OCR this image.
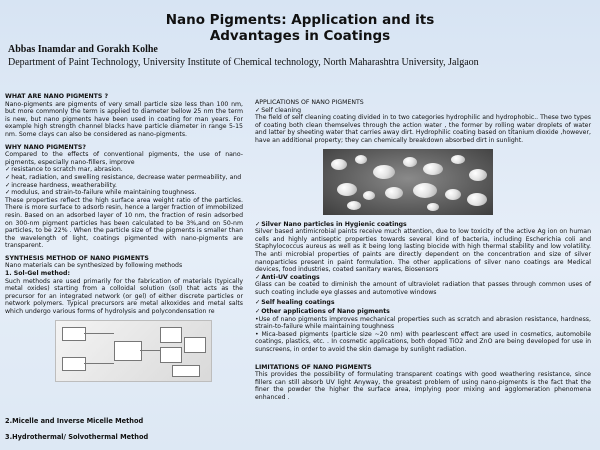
Nano Pigments: Application and its Advantages in Coatings
Abbas Inamdar and Gorakh Kolhe
Department of Paint Technology, University Institute of Chemical technology, North Maharashtra University, Jalgaon
WHAT ARE NANO PIGMENTS ?

Nano-pigments are pigments of very small particle size less than 100 nm, but more commonly the term is applied to diameter bellow 25 nm the term is new, but nano pigments have been used in coating for man years. For example high strength channel blacks have particle diameter in range 5-15 nm. Some clays can also be considered as nano-pigments.

WHY NANO PIGMENTS?

Compared to the effects of conventional pigments, the use of nano-pigments, especially nano-fillers, improve

✓ resistance to scratch mar, abrasion.
✓ heat, radiation, and swelling resistance, decrease water permeability, and
✓ increase hardness, weatherability.
✓ modulus, and strain-to-failure while maintaining toughness.

These properties reflect the high surface area weight ratio of the particles. There is more surface to adsorb resin, hence a larger fraction of immobilized resin. Based on an adsorbed layer of 10 nm, the fraction of resin adsorbed on 300-nm pigment particles has been calculated to be 3%,and on 50-nm particles, to be 22% . When the particle size of the pigments is smaller than the wavelength of light, coatings pigmented with nano-pigments are transparent.

SYNTHESIS METHOD OF NANO PIGMENTS

Nano materials can be synthesized by following methods

1. Sol-Gel method:

Such methods are used primarily for the fabrication of materials (typically metal oxides) starting from a colloidal solution (sol) that acts as the precursor for an integrated network (or gel) of either discrete particles or network polymers. Typical precursors are metal alkoxides and metal salts which undergo various forms of hydrolysis and polycondensation re

2.Micelle and Inverse Micelle Method
3.Hydrothermal/ Solvothermal Method
APPLICATIONS OF NANO PIGMENTS
✓ Self cleaning

The field of self cleaning coating divided in to two categories hydrophilic and hydrophobic.. These two types of coating both clean themselves through the action water , the former by rolling water droplets of water and latter by sheeting water that carries away dirt. Hydrophilic coating based on titanium dioxide ,however, have an additional property; they can chemically breakdown absorbed dirt in sunlight.

✓ Silver Nano particles in Hygienic coatings

Silver based antimicrobial paints receive much attention, due to low toxicity of the active Ag ion on human cells and highly antiseptic properties towards several kind of bacteria, including Escherichia coli and Staphylococcus aureus as well as it being long lasting biocide with high thermal stability and low volatility. The anti microbial properties of paints are directly dependent on the concentration and size of silver nanoparticles present in paint formulation. The other applications of silver nano coatings are Medical devices, food industries, coated sanitary wares, Biosensors

✓ Anti-UV coatings

Glass can be coated to diminish the amount of ultraviolet radiation that passes through common uses of such coating include eye glasses and automotive windows

✓ Self healing coatings
✓ Other applications of Nano pigments

•Use of nano pigments improves mechanical properties such as scratch and abrasion resistance, hardness, strain-to-failure while maintaining toughness

• Mica-based pigments (particle size ~20 nm) with pearlescent effect are used in cosmetics, automobile coatings, plastics, etc. . In cosmetic applications, both doped TiO2 and ZnO are being developed for use in sunscreens, in order to avoid the skin damage by sunlight radiation.

LIMITATIONS OF NANO PIGMENTS

This provides the possibility of formulating transparent coatings with good weathering resistance, since fillers can still absorb UV light Anyway, the greatest problem of using nano-pigments is the fact that the finer the powder the higher the surface area, implying poor mixing and agglomeration phenomena enhanced .
